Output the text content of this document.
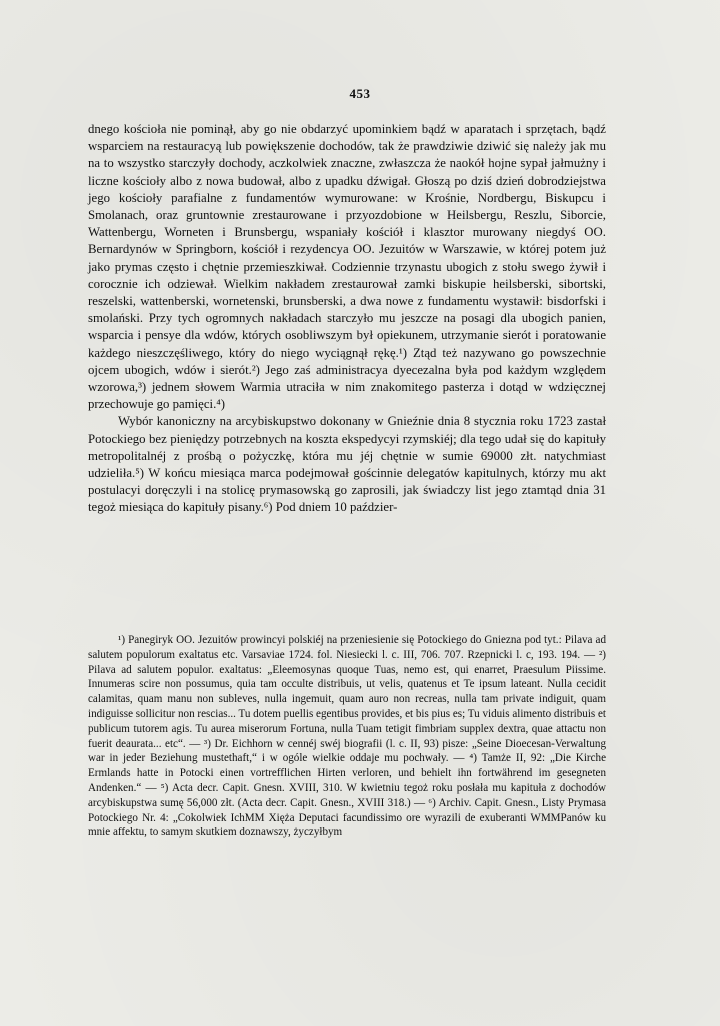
453

dnego kościoła nie pominął, aby go nie obdarzyć upominkiem bądź w aparatach i sprzętach, bądź wsparciem na restauracyą lub powiększenie dochodów, tak że prawdziwie dziwić się należy jak mu na to wszystko starczyły dochody, aczkolwiek znaczne, zwłaszcza że naokół hojne sypał jałmużny i liczne kościoły albo z nowa budował, albo z upadku dźwigał. Głoszą po dziś dzień dobrodziejstwa jego kościoły parafialne z fundamentów wymurowane: w Krośnie, Nordbergu, Biskupcu i Smolanach, oraz gruntownie zrestaurowane i przyozdobione w Heilsbergu, Reszlu, Siborcie, Wattenbergu, Worneten i Brunsbergu, wspaniały kościół i klasztor murowany niegdyś OO. Bernardynów w Springborn, kościół i rezydencya OO. Jezuitów w Warszawie, w której potem już jako prymas często i chętnie przemieszkiwał. Codziennie trzynastu ubogich z stołu swego żywił i corocznie ich odziewał. Wielkim nakładem zrestaurował zamki biskupie heilsberski, sibortski, reszelski, wattenberski, wornetenski, brunsberski, a dwa nowe z fundamentu wystawił: bisdorfski i smolański. Przy tych ogromnych nakładach starczyło mu jeszcze na posagi dla ubogich panien, wsparcia i pensye dla wdów, których osobliwszym był opiekunem, utrzymanie sierót i poratowanie każdego nieszczęśliwego, który do niego wyciągnął rękę.¹) Ztąd też nazywano go powszechnie ojcem ubogich, wdów i sierót.²) Jego zaś administracya dyecezalna była pod każdym względem wzorowa,³) jednem słowem Warmia utraciła w nim znakomitego pasterza i dotąd w wdzięcznej przechowuje go pamięci.⁴)

Wybór kanoniczny na arcybiskupstwo dokonany w Gnieźnie dnia 8 stycznia roku 1723 zastał Potockiego bez pieniędzy potrzebnych na koszta ekspedycyi rzymskiéj; dla tego udał się do kapituły metropolitalnéj z prośbą o pożyczkę, która mu jéj chętnie w sumie 69000 złt. natychmiast udzieliła.⁵) W końcu miesiąca marca podejmował gościnnie delegatów kapitulnych, którzy mu akt postulacyi doręczyli i na stolicę prymasowską go zaprosili, jak świadczy list jego ztamtąd dnia 31 tegoż miesiąca do kapituły pisany.⁶) Pod dniem 10 paździer-

¹) Panegiryk OO. Jezuitów prowincyi polskiéj na przeniesienie się Potockiego do Gniezna pod tyt.: Pilava ad salutem populorum exaltatus etc. Varsaviae 1724. fol. Niesiecki l. c. III, 706. 707. Rzepnicki l. c, 193. 194. — ²) Pilava ad salutem populor. exaltatus: „Eleemosynas quoque Tuas, nemo est, qui enarret, Praesulum Piissime. Innumeras scire non possumus, quia tam occulte distribuis, ut velis, quatenus et Te ipsum lateant. Nulla cecidit calamitas, quam manu non subleves, nulla ingemuit, quam auro non recreas, nulla tam private indiguit, quam indiguisse sollicitur non rescias... Tu dotem puellis egentibus provides, et bis pius es; Tu viduis alimento distribuis et publicum tutorem agis. Tu aurea miserorum Fortuna, nulla Tuam tetigit fimbriam supplex dextra, quae attactu non fuerit deaurata... etc“. — ³) Dr. Eichhorn w cennéj swéj biografii (l. c. II, 93) pisze: „Seine Dioecesan-Verwaltung war in jeder Beziehung mustethaft,“ i w ogóle wielkie oddaje mu pochwały. — ⁴) Tamże II, 92: „Die Kirche Ermlands hatte in Potocki einen vortrefflichen Hirten verloren, und behielt ihn fortwährend im gesegneten Andenken.“ — ⁵) Acta decr. Capit. Gnesn. XVIII, 310. W kwietniu tegoż roku posłała mu kapituła z dochodów arcybiskupstwa sumę 56,000 złt. (Acta decr. Capit. Gnesn., XVIII 318.) — ⁶) Archiv. Capit. Gnesn., Listy Prymasa Potockiego Nr. 4: „Cokolwiek IchMM Xięża Deputaci facundissimo ore wyrazili de exuberanti WMMPanów ku mnie affektu, to samym skutkiem doznawszy, życzyłbym
